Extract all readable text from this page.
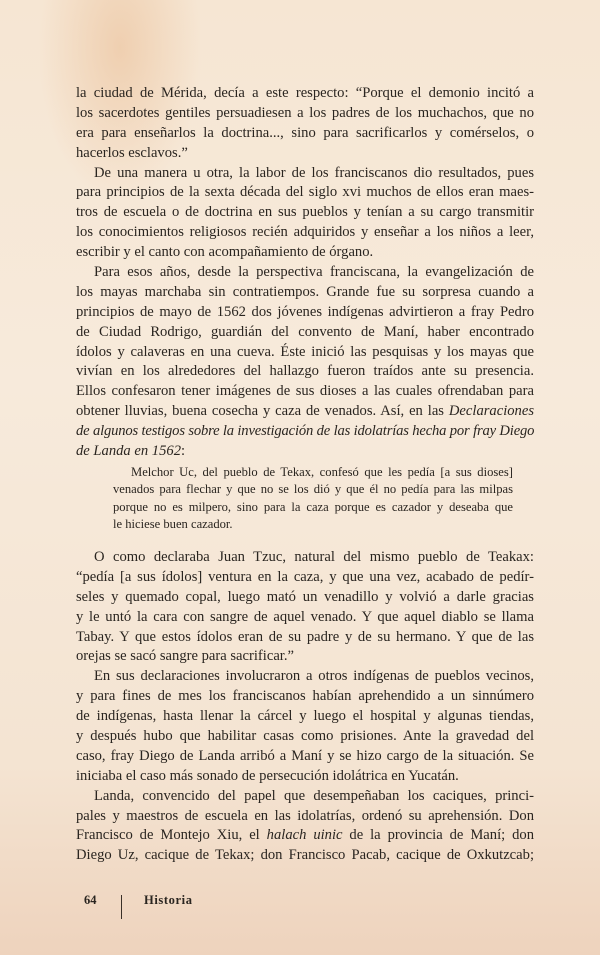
la ciudad de Mérida, decía a este respecto: “Porque el demonio incitó a
los sacerdotes gentiles persuadiesen a los padres de los muchachos, que no
era para enseñarlos la doctrina..., sino para sacrificarlos y comérselos, o
hacerlos esclavos.”
De una manera u otra, la labor de los franciscanos dio resultados, pues
para principios de la sexta década del siglo xvi muchos de ellos eran maes-
tros de escuela o de doctrina en sus pueblos y tenían a su cargo transmitir
los conocimientos religiosos recién adquiridos y enseñar a los niños a leer,
escribir y el canto con acompañamiento de órgano.
Para esos años, desde la perspectiva franciscana, la evangelización de
los mayas marchaba sin contratiempos. Grande fue su sorpresa cuando a
principios de mayo de 1562 dos jóvenes indígenas advirtieron a fray Pedro
de Ciudad Rodrigo, guardián del convento de Maní, haber encontrado
ídolos y calaveras en una cueva. Éste inició las pesquisas y los mayas que
vivían en los alrededores del hallazgo fueron traídos ante su presencia.
Ellos confesaron tener imágenes de sus dioses a las cuales ofrendaban para
obtener lluvias, buena cosecha y caza de venados. Así, en las Declaraciones
de algunos testigos sobre la investigación de las idolatrías hecha por fray Diego
de Landa en 1562:
Melchor Uc, del pueblo de Tekax, confesó que les pedía [a sus dioses]
venados para flechar y que no se los dió y que él no pedía para las milpas
porque no es milpero, sino para la caza porque es cazador y deseaba que
le hiciese buen cazador.
O como declaraba Juan Tzuc, natural del mismo pueblo de Teakax:
“pedía [a sus ídolos] ventura en la caza, y que una vez, acabado de pedír-
seles y quemado copal, luego mató un venadillo y volvió a darle gracias
y le untó la cara con sangre de aquel venado. Y que aquel diablo se llama
Tabay. Y que estos ídolos eran de su padre y de su hermano. Y que de las
orejas se sacó sangre para sacrificar.”
En sus declaraciones involucraron a otros indígenas de pueblos vecinos,
y para fines de mes los franciscanos habían aprehendido a un sinnúmero
de indígenas, hasta llenar la cárcel y luego el hospital y algunas tiendas,
y después hubo que habilitar casas como prisiones. Ante la gravedad del
caso, fray Diego de Landa arribó a Maní y se hizo cargo de la situación. Se
iniciaba el caso más sonado de persecución idolátrica en Yucatán.
Landa, convencido del papel que desempeñaban los caciques, princi-
pales y maestros de escuela en las idolatrías, ordenó su aprehensión. Don
Francisco de Montejo Xiu, el halach uinic de la provincia de Maní; don
Diego Uz, cacique de Tekax; don Francisco Pacab, cacique de Oxkutzcab;
64	Historia
